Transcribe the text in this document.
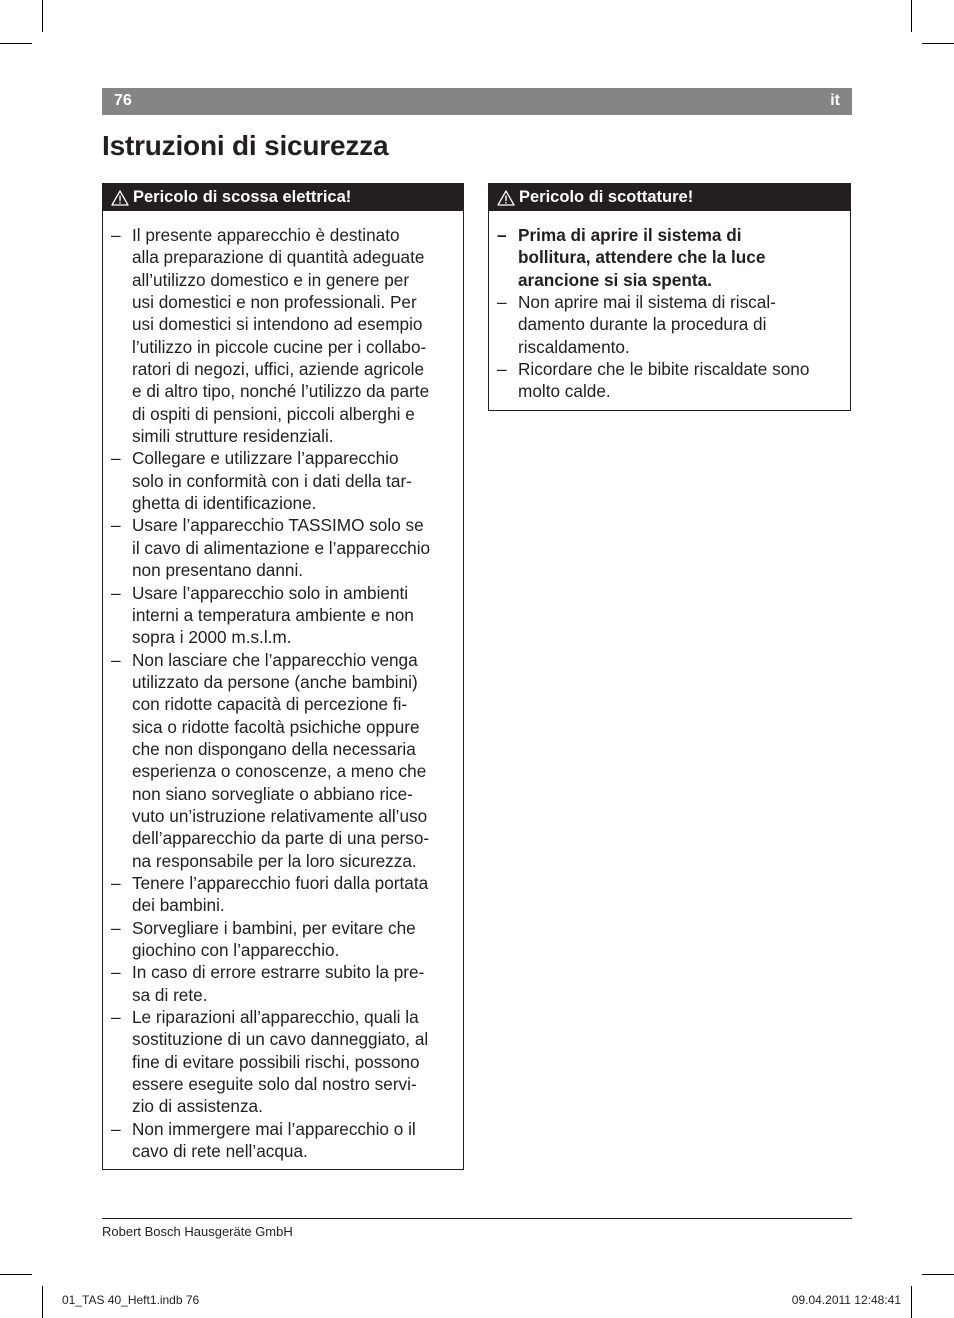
76	it
Istruzioni di sicurezza
Pericolo di scossa elettrica!
– Il presente apparecchio è destinato
alla preparazione di quantità adeguate
all’utilizzo domestico e in genere per
usi domestici e non professionali. Per
usi domestici si intendono ad esempio
l’utilizzo in piccole cucine per i collabo-
ratori di negozi, uffici, aziende agricole
e di altro tipo, nonché l’utilizzo da parte
di ospiti di pensioni, piccoli alberghi e
simili strutture residenziali.
– Collegare e utilizzare l’apparecchio
solo in conformità con i dati della tar-
ghetta di identificazione.
– Usare l’apparecchio TASSIMO solo se
il cavo di alimentazione e l’apparecchio
non presentano danni.
– Usare l’apparecchio solo in ambienti
interni a temperatura ambiente e non
sopra i 2000 m.s.l.m.
– Non lasciare che l’apparecchio venga
utilizzato da persone (anche bambini)
con ridotte capacità di percezione fi-
sica o ridotte facoltà psichiche oppure
che non dispongano della necessaria
esperienza o conoscenze, a meno che
non siano sorvegliate o abbiano rice-
vuto un’istruzione relativamente all’uso
dell’apparecchio da parte di una perso-
na responsabile per la loro sicurezza.
– Tenere l’apparecchio fuori dalla portata
dei bambini.
– Sorvegliare i bambini, per evitare che
giochino con l’apparecchio.
– In caso di errore estrarre subito la pre-
sa di rete.
– Le riparazioni all’apparecchio, quali la
sostituzione di un cavo danneggiato, al
fine di evitare possibili rischi, possono
essere eseguite solo dal nostro servi-
zio di assistenza.
– Non immergere mai l’apparecchio o il
cavo di rete nell’acqua.
Pericolo di scottature!
– Prima di aprire il sistema di
bollitura, attendere che la luce
arancione si sia spenta.
– Non aprire mai il sistema di riscal-
damento durante la procedura di
riscaldamento.
– Ricordare che le bibite riscaldate sono
molto calde.
Robert Bosch Hausgeräte GmbH
01_TAS 40_Heft1.indb 76	09.04.2011 12:48:41
